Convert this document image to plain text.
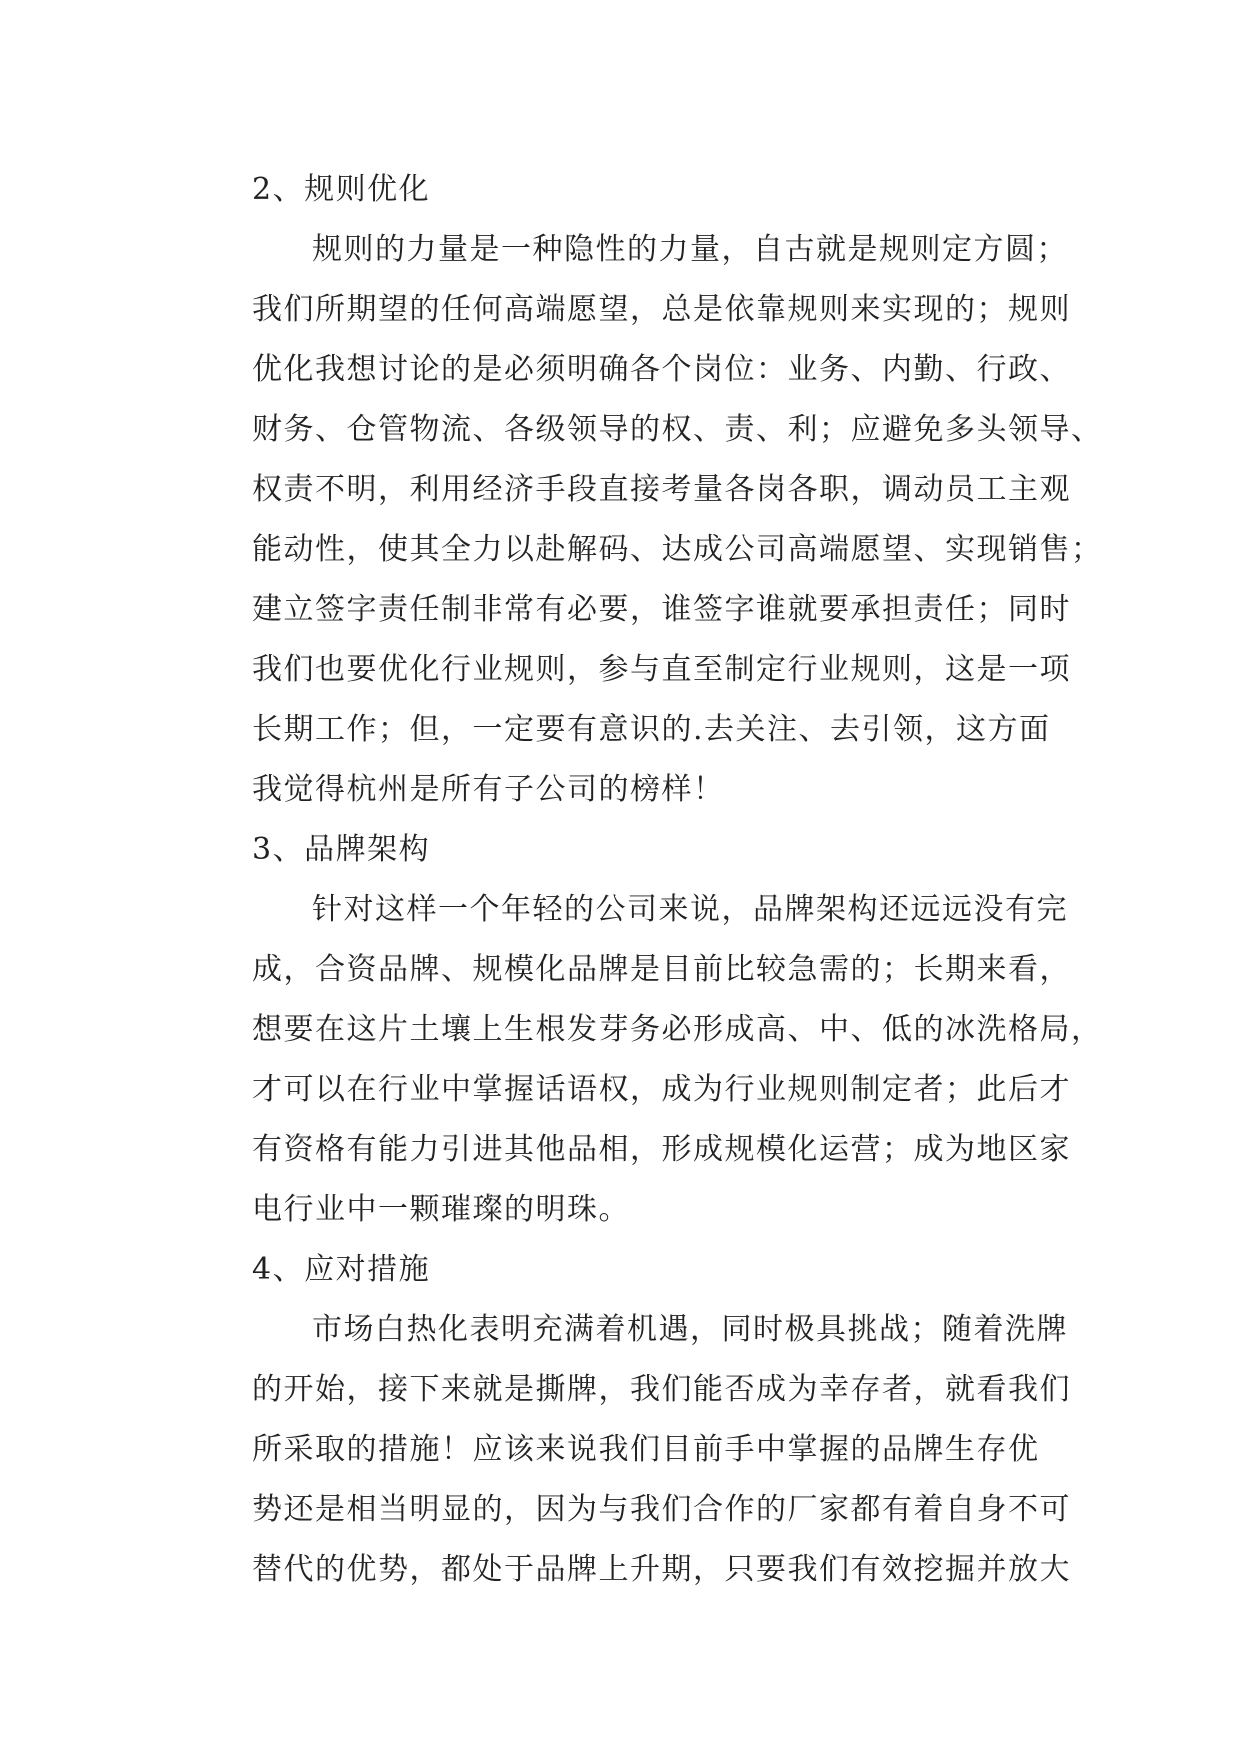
2、规则优化
规则的力量是一种隐性的力量，自古就是规则定方圆；
我们所期望的任何高端愿望，总是依靠规则来实现的；规则
优化我想讨论的是必须明确各个岗位：业务、内勤、行政、
财务、仓管物流、各级领导的权、责、利；应避免多头领导、
权责不明，利用经济手段直接考量各岗各职，调动员工主观
能动性，使其全力以赴解码、达成公司高端愿望、实现销售；
建立签字责任制非常有必要，谁签字谁就要承担责任；同时
我们也要优化行业规则，参与直至制定行业规则，这是一项
长期工作；但，一定要有意识的.去关注、去引领，这方面
我觉得杭州是所有子公司的榜样！
3、品牌架构
针对这样一个年轻的公司来说，品牌架构还远远没有完
成，合资品牌、规模化品牌是目前比较急需的；长期来看，
想要在这片土壤上生根发芽务必形成高、中、低的冰洗格局，
才可以在行业中掌握话语权，成为行业规则制定者；此后才
有资格有能力引进其他品相，形成规模化运营；成为地区家
电行业中一颗璀璨的明珠。
4、应对措施
市场白热化表明充满着机遇，同时极具挑战；随着洗牌
的开始，接下来就是撕牌，我们能否成为幸存者，就看我们
所采取的措施！应该来说我们目前手中掌握的品牌生存优
势还是相当明显的，因为与我们合作的厂家都有着自身不可
替代的优势，都处于品牌上升期，只要我们有效挖掘并放大
